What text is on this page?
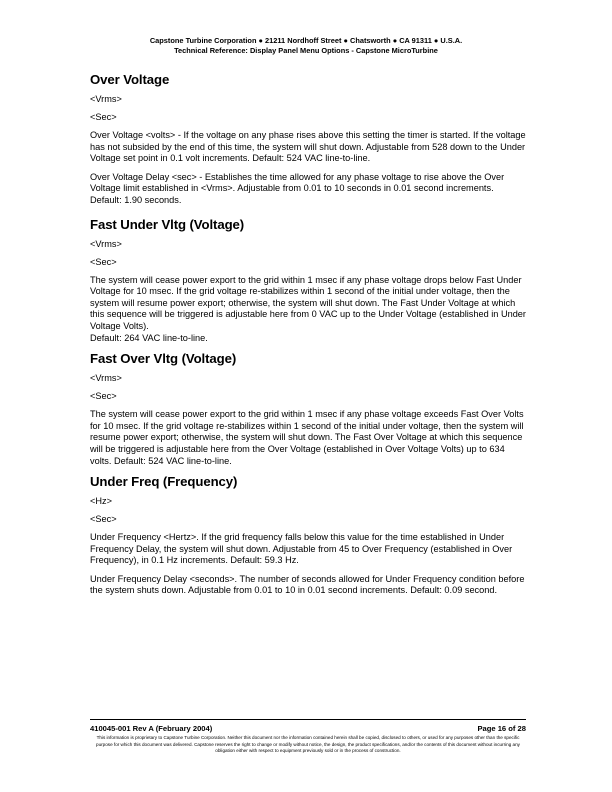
Capstone Turbine Corporation ● 21211 Nordhoff Street ● Chatsworth ● CA 91311 ● U.S.A.
Technical Reference: Display Panel Menu Options - Capstone MicroTurbine
Over Voltage
<Vrms>
<Sec>

Over Voltage <volts> - If the voltage on any phase rises above this setting the timer is started. If the voltage has not subsided by the end of this time, the system will shut down. Adjustable from 528 down to the Under Voltage set point in 0.1 volt increments. Default: 524 VAC line-to-line.

Over Voltage Delay <sec> - Establishes the time allowed for any phase voltage to rise above the Over Voltage limit established in <Vrms>. Adjustable from 0.01 to 10 seconds in 0.01 second increments. Default: 1.90 seconds.

Fast Under Vltg (Voltage)
<Vrms>
<Sec>

The system will cease power export to the grid within 1 msec if any phase voltage drops below Fast Under Voltage for 10 msec. If the grid voltage re-stabilizes within 1 second of the initial under voltage, then the system will resume power export; otherwise, the system will shut down. The Fast Under Voltage at which this sequence will be triggered is adjustable here from 0 VAC up to the Under Voltage (established in Under Voltage Volts).

Default: 264 VAC line-to-line.

Fast Over Vltg (Voltage)
<Vrms>
<Sec>

The system will cease power export to the grid within 1 msec if any phase voltage exceeds Fast Over Volts for 10 msec. If the grid voltage re-stabilizes within 1 second of the initial under voltage, then the system will resume power export; otherwise, the system will shut down. The Fast Over Voltage at which this sequence will be triggered is adjustable here from the Over Voltage (established in Over Voltage Volts) up to 634 volts. Default: 524 VAC line-to-line.

Under Freq (Frequency)
<Hz>
<Sec>

Under Frequency <Hertz>. If the grid frequency falls below this value for the time established in Under Frequency Delay, the system will shut down. Adjustable from 45 to Over Frequency (established in Over Frequency), in 0.1 Hz increments. Default: 59.3 Hz.

Under Frequency Delay <seconds>. The number of seconds allowed for Under Frequency condition before the system shuts down. Adjustable from 0.01 to 10 in 0.01 second increments. Default: 0.09 second.

410045-001 Rev A (February 2004)	Page 16 of 28
This information is proprietary to Capstone Turbine Corporation. Neither this document nor the information contained herein shall be copied, disclosed to others, or used for any purposes other than the specific purpose for which this document was delivered. Capstone reserves the right to change or modify without notice, the design, the product specifications, and/or the contents of this document without incurring any obligation either with respect to equipment previously sold or in the process of construction.
